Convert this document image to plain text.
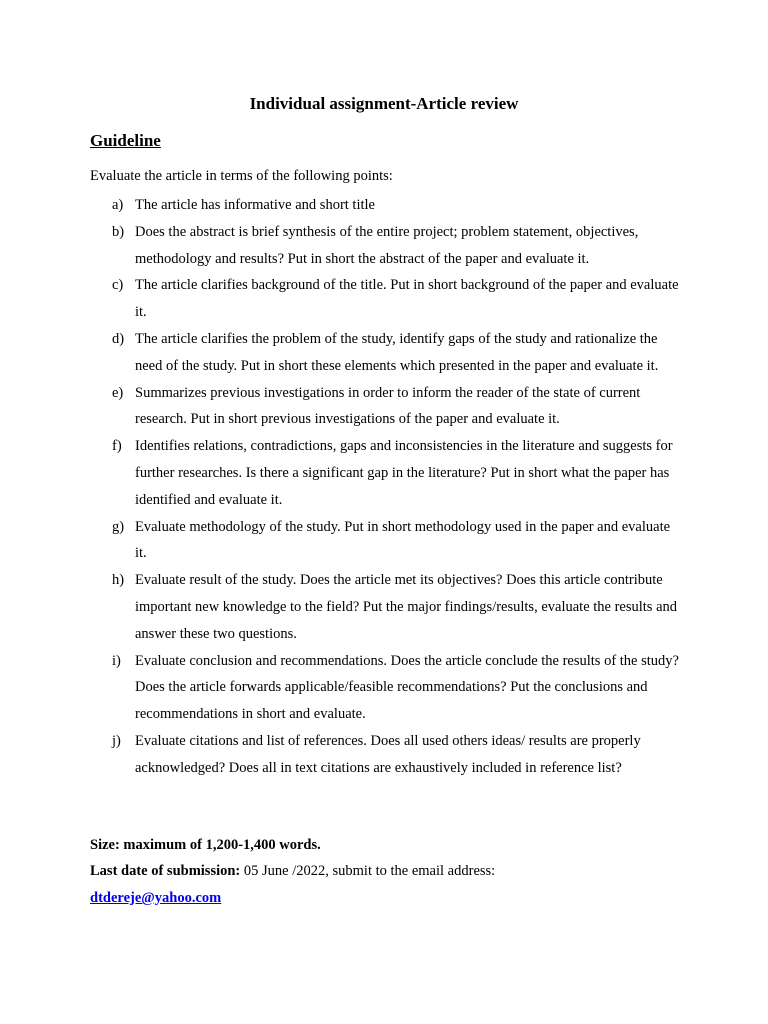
Individual assignment-Article review
Guideline

Evaluate the article in terms of the following points:

a) The article has informative and short title
b) Does the abstract is brief synthesis of the entire project; problem statement, objectives, methodology and results? Put in short the abstract of the paper and evaluate it.
c) The article clarifies background of the title. Put in short background of the paper and evaluate it.
d) The article clarifies the problem of the study, identify gaps of the study and rationalize the need of the study. Put in short these elements which presented in the paper and evaluate it.
e) Summarizes previous investigations in order to inform the reader of the state of current research. Put in short previous investigations of the paper and evaluate it.
f) Identifies relations, contradictions, gaps and inconsistencies in the literature and suggests for further researches. Is there a significant gap in the literature? Put in short what the paper has identified and evaluate it.
g) Evaluate methodology of the study. Put in short methodology used in the paper and evaluate it.
h) Evaluate result of the study. Does the article met its objectives? Does this article contribute important new knowledge to the field? Put the major findings/results, evaluate the results and answer these two questions.
i) Evaluate conclusion and recommendations. Does the article conclude the results of the study? Does the article forwards applicable/feasible recommendations? Put the conclusions and recommendations in short and evaluate.
j) Evaluate citations and list of references. Does all used others ideas/ results are properly acknowledged? Does all in text citations are exhaustively included in reference list?

Size: maximum of 1,200-1,400 words.

Last date of submission: 05 June /2022, submit to the email address:

dtdereje@yahoo.com
